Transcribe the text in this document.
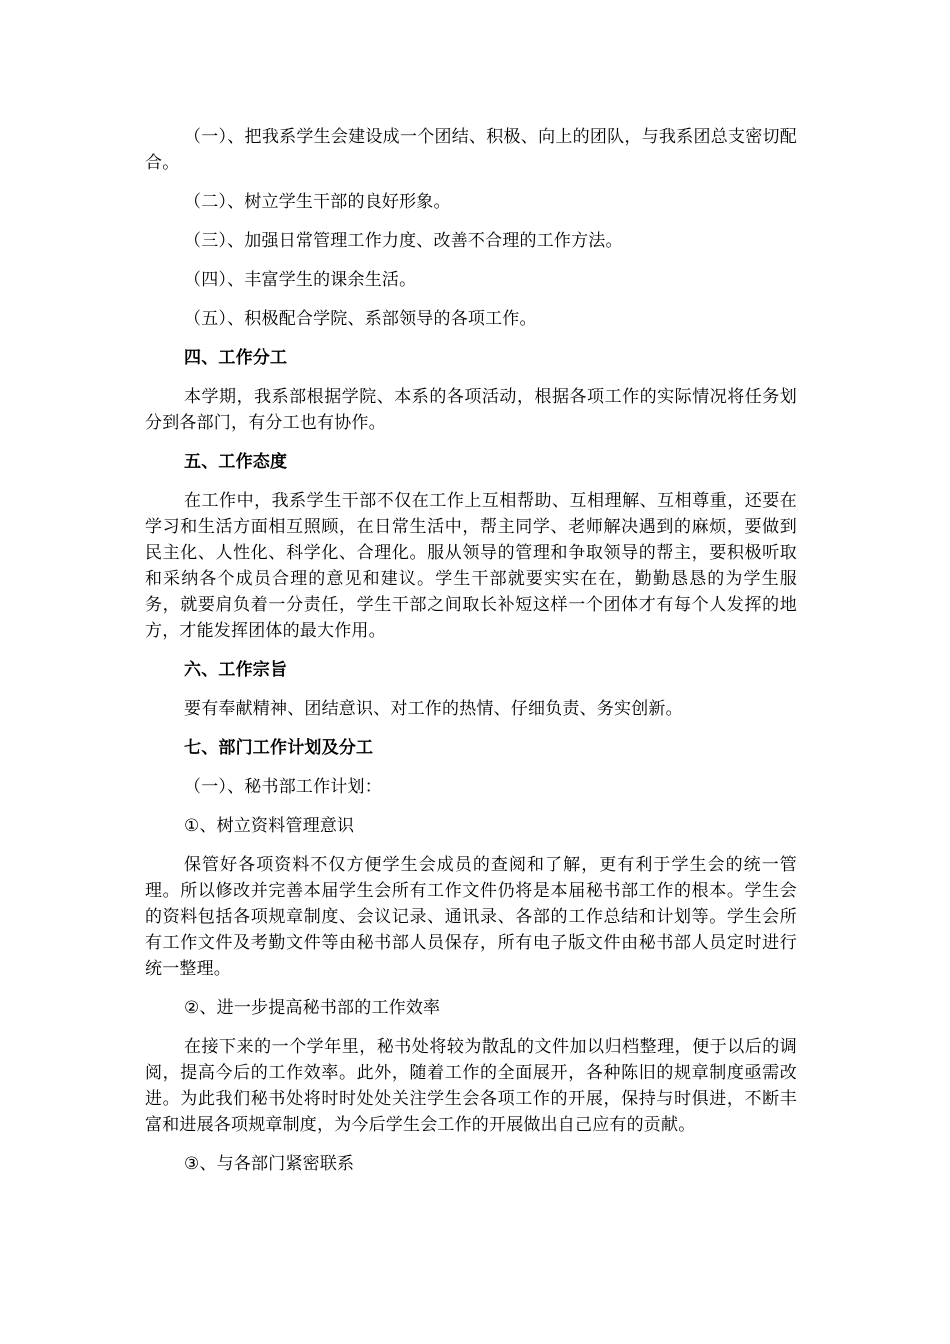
（一）、把我系学生会建设成一个团结、积极、向上的团队，与我系团总支密切配合。

（二）、树立学生干部的良好形象。

（三）、加强日常管理工作力度、改善不合理的工作方法。

（四）、丰富学生的课余生活。

（五）、积极配合学院、系部领导的各项工作。

四、工作分工

本学期，我系部根据学院、本系的各项活动，根据各项工作的实际情况将任务划分到各部门，有分工也有协作。

五、工作态度

在工作中，我系学生干部不仅在工作上互相帮助、互相理解、互相尊重，还要在学习和生活方面相互照顾，在日常生活中，帮主同学、老师解决遇到的麻烦，要做到民主化、人性化、科学化、合理化。服从领导的管理和争取领导的帮主，要积极听取和采纳各个成员合理的意见和建议。学生干部就要实实在在，勤勤恳恳的为学生服务，就要肩负着一分责任，学生干部之间取长补短这样一个团体才有每个人发挥的地方，才能发挥团体的最大作用。

六、工作宗旨

要有奉献精神、团结意识、对工作的热情、仔细负责、务实创新。

七、部门工作计划及分工

（一）、秘书部工作计划：

①、树立资料管理意识

保管好各项资料不仅方便学生会成员的查阅和了解，更有利于学生会的统一管理。所以修改并完善本届学生会所有工作文件仍将是本届秘书部工作的根本。学生会的资料包括各项规章制度、会议记录、通讯录、各部的工作总结和计划等。学生会所有工作文件及考勤文件等由秘书部人员保存，所有电子版文件由秘书部人员定时进行统一整理。

②、进一步提高秘书部的工作效率

在接下来的一个学年里，秘书处将较为散乱的文件加以归档整理，便于以后的调阅，提高今后的工作效率。此外，随着工作的全面展开，各种陈旧的规章制度亟需改进。为此我们秘书处将时时处处关注学生会各项工作的开展，保持与时俱进，不断丰富和进展各项规章制度，为今后学生会工作的开展做出自己应有的贡献。

③、与各部门紧密联系
